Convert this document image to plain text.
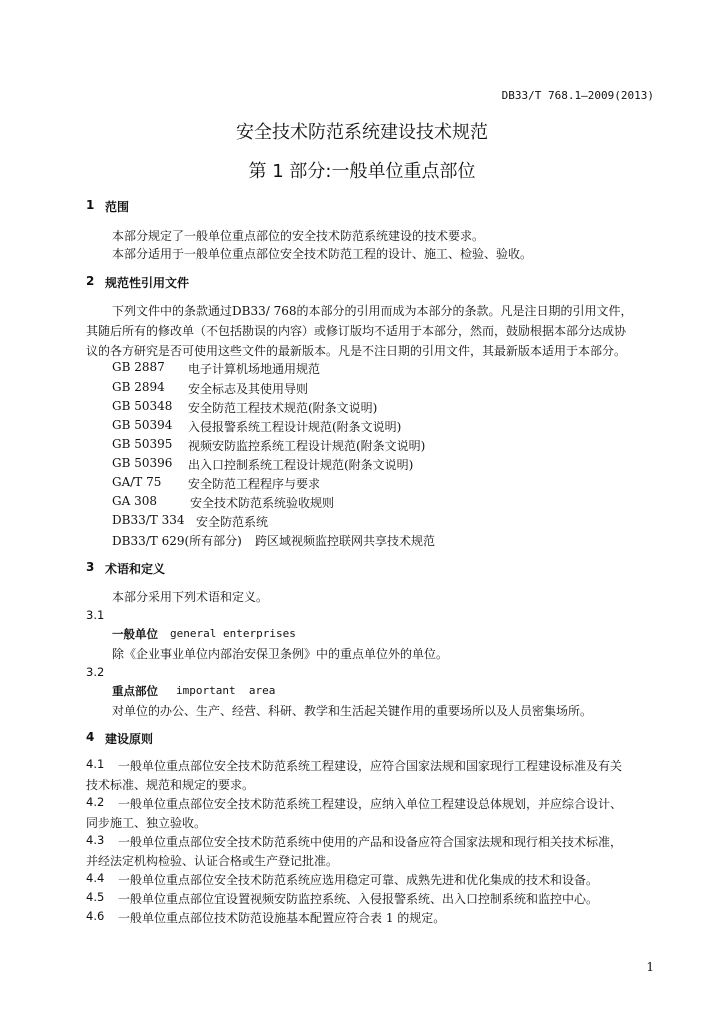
DB33/T 768.1—2009(2013)
安全技术防范系统建设技术规范
第 1 部分:一般单位重点部位
1 范围
本部分规定了一般单位重点部位的安全技术防范系统建设的技术要求。
本部分适用于一般单位重点部位安全技术防范工程的设计、施工、检验、验收。
2 规范性引用文件
下列文件中的条款通过DB33/ 768的本部分的引用而成为本部分的条款。凡是注日期的引用文件，
其随后所有的修改单（不包括勘误的内容）或修订版均不适用于本部分，然而，鼓励根据本部分达成协
议的各方研究是否可使用这些文件的最新版本。凡是不注日期的引用文件，其最新版本适用于本部分。
GB 2887 电子计算机场地通用规范
GB 2894 安全标志及其使用导则
GB 50348 安全防范工程技术规范(附条文说明)
GB 50394 入侵报警系统工程设计规范(附条文说明)
GB 50395 视频安防监控系统工程设计规范(附条文说明)
GB 50396 出入口控制系统工程设计规范(附条文说明)
GA/T 75 安全防范工程程序与要求
GA 308	安全技术防范系统验收规则
DB33/T 334 安全防范系统
DB33/T 629(所有部分) 跨区域视频监控联网共享技术规范
3 术语和定义
本部分采用下列术语和定义。
3.1
一般单位 general enterprises
除《企业事业单位内部治安保卫条例》中的重点单位外的单位。
3.2
重点部位 important  area
对单位的办公、生产、经营、科研、教学和生活起关键作用的重要场所以及人员密集场所。
4 建设原则
4.1 一般单位重点部位安全技术防范系统工程建设，应符合国家法规和国家现行工程建设标准及有关
技术标准、规范和规定的要求。
4.2 一般单位重点部位安全技术防范系统工程建设，应纳入单位工程建设总体规划，并应综合设计、
同步施工、独立验收。
4.3 一般单位重点部位安全技术防范系统中使用的产品和设备应符合国家法规和现行相关技术标准，
并经法定机构检验、认证合格或生产登记批准。
4.4 一般单位重点部位安全技术防范系统应选用稳定可靠、成熟先进和优化集成的技术和设备。
4.5 一般单位重点部位宜设置视频安防监控系统、入侵报警系统、出入口控制系统和监控中心。
4.6 一般单位重点部位技术防范设施基本配置应符合表 1 的规定。
1
